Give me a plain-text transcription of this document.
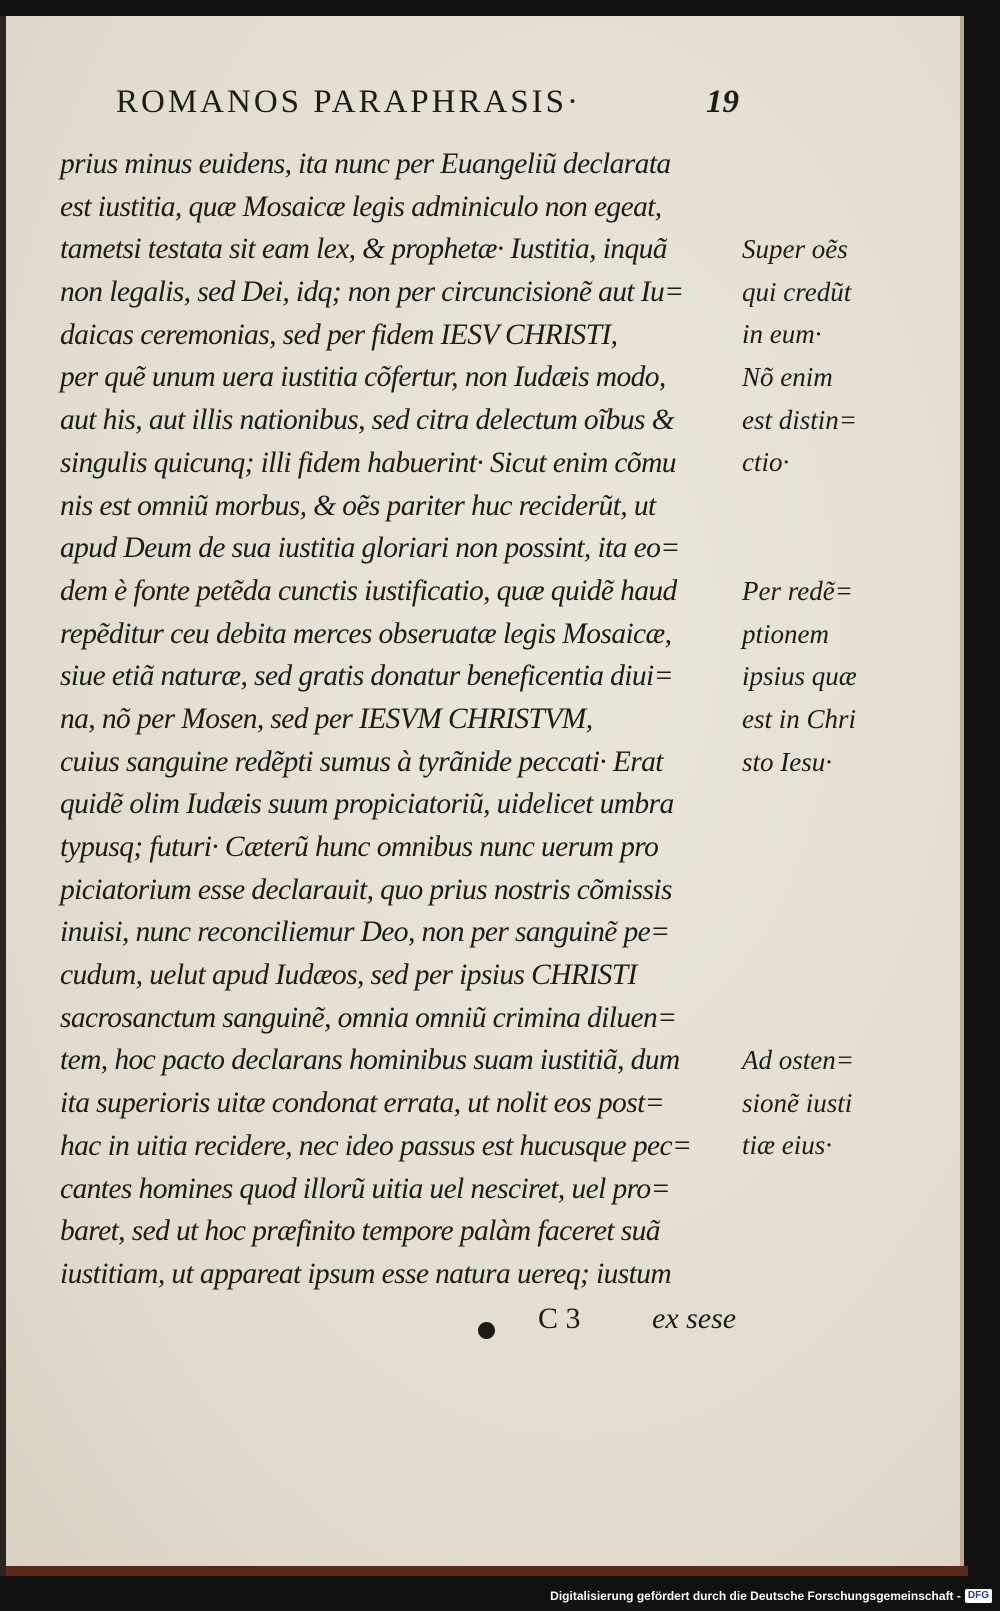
ROMANOS PARAPHRASIS·	19
prius minus euidens, ita nunc per Euangeliũ declarata
est iustitia, quæ Mosaicæ legis adminiculo non egeat,
tametsi testata sit eam lex, & prophetæ· Iustitia, inquã
non legalis, sed Dei, idq; non per circuncisionẽ aut Iu=
daicas ceremonias, sed per fidem IESV CHRISTI,
per quẽ unum uera iustitia cõfertur, non Iudæis modo,
aut his, aut illis nationibus, sed citra delectum oĩbus &
singulis quicunq; illi fidem habuerint· Sicut enim cõmu
nis est omniũ morbus, & oẽs pariter huc reciderũt, ut
apud Deum de sua iustitia gloriari non possint, ita eo=
dem è fonte petẽda cunctis iustificatio, quæ quidẽ haud
repẽditur ceu debita merces obseruatæ legis Mosaicæ,
siue etiã naturæ, sed gratis donatur beneficentia diui=
na, nõ per Mosen, sed per IESVM CHRISTVM,
cuius sanguine redẽpti sumus à tyrãnide peccati· Erat
quidẽ olim Iudæis suum propiciatoriũ, uidelicet umbra
typusq; futuri· Cæterũ hunc omnibus nunc uerum pro
piciatorium esse declarauit, quo prius nostris cõmissis
inuisi, nunc reconciliemur Deo, non per sanguinẽ pe=
cudum, uelut apud Iudæos, sed per ipsius CHRISTI
sacrosanctum sanguinẽ, omnia omniũ crimina diluen=
tem, hoc pacto declarans hominibus suam iustitiã, dum
ita superioris uitæ condonat errata, ut nolit eos post=
hac in uitia recidere, nec ideo passus est hucusque pec=
cantes homines quod illorũ uitia uel nesciret, uel pro=
baret, sed ut hoc præfinito tempore palàm faceret suã
iustitiam, ut appareat ipsum esse natura uereq; iustum
Super oẽs
qui credũt
in eum·
Nõ enim
est distin=
ctio·
Per redẽ=
ptionem
ipsius quæ
est in Chri
sto Iesu·
Ad osten=
sionẽ iusti
tiæ eius·
C 3 ex sese
Digitalisierung gefördert durch die Deutsche Forschungsgemeinschaft - DFG
